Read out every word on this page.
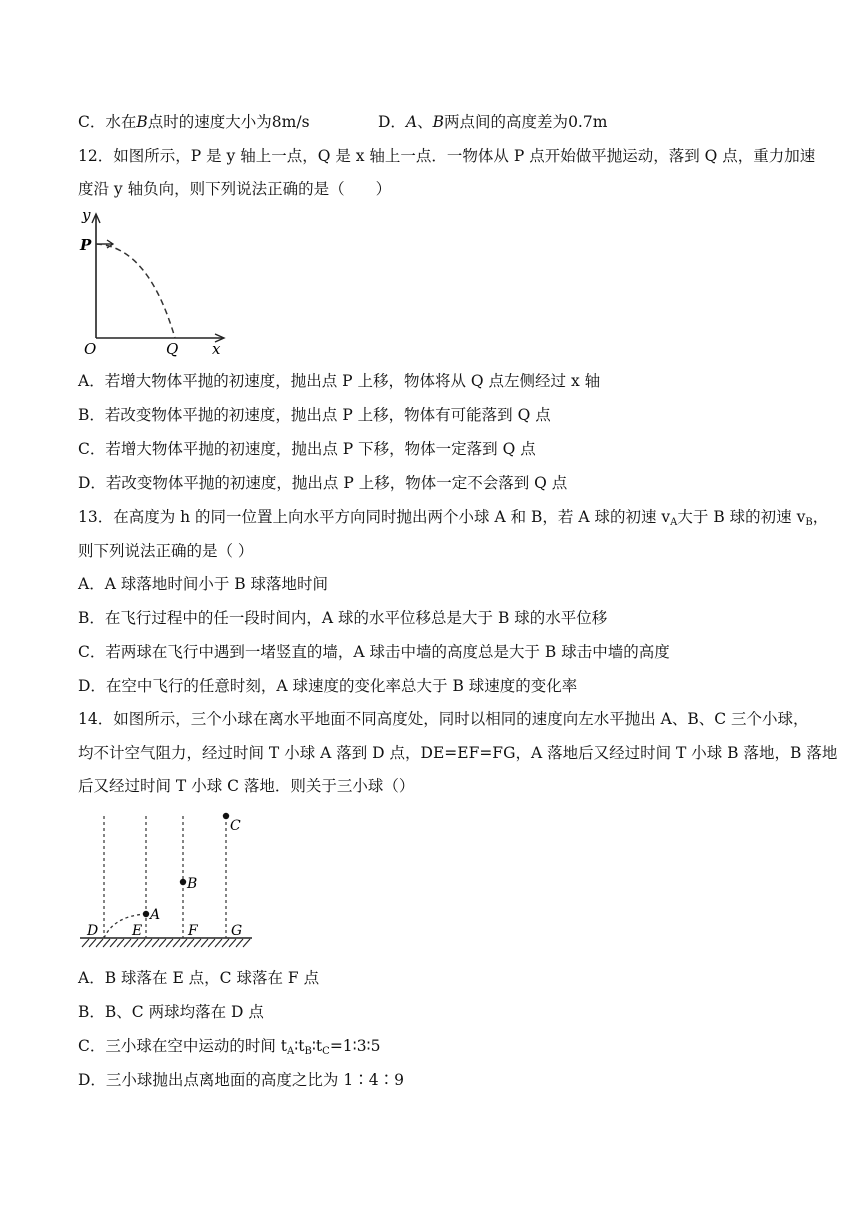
C．水在B点时的速度大小为8m/s	D．A、B两点间的高度差为0.7m
12．如图所示，P 是 y 轴上一点，Q 是 x 轴上一点．一物体从 P 点开始做平抛运动，落到 Q 点，重力加速
度沿 y 轴负向，则下列说法正确的是（　　）
y
P
O	Q x
A．若增大物体平抛的初速度，抛出点 P 上移，物体将从 Q 点左侧经过 x 轴
B．若改变物体平抛的初速度，抛出点 P 上移，物体有可能落到 Q 点
C．若增大物体平抛的初速度，抛出点 P 下移，物体一定落到 Q 点
D．若改变物体平抛的初速度，抛出点 P 上移，物体一定不会落到 Q 点
13．在高度为 h 的同一位置上向水平方向同时抛出两个小球 A 和 B，若 A 球的初速 $v_A$大于 B 球的初速 $v_B$，
则下列说法正确的是（ ）
A．A 球落地时间小于 B 球落地时间
B．在飞行过程中的任一段时间内，A 球的水平位移总是大于 B 球的水平位移
C．若两球在飞行中遇到一堵竖直的墙，A 球击中墙的高度总是大于 B 球击中墙的高度
D．在空中飞行的任意时刻，A 球速度的变化率总大于 B 球速度的变化率
14．如图所示，三个小球在离水平地面不同高度处，同时以相同的速度向左水平抛出 A、B、C 三个小球，
均不计空气阻力，经过时间 T 小球 A 落到 D 点，DE=EF=FG，A 落地后又经过时间 T 小球 B 落地，B 落地
后又经过时间 T 小球 C 落地．则关于三小球（）
A
B
C
D E	F G
A．B 球落在 E 点，C 球落在 F 点
B．B、C 两球均落在 D 点
C．三小球在空中运动的时间 $t_A∶t_B∶t_C=1∶3∶5$
D．三小球抛出点离地面的高度之比为 1∶4∶9
